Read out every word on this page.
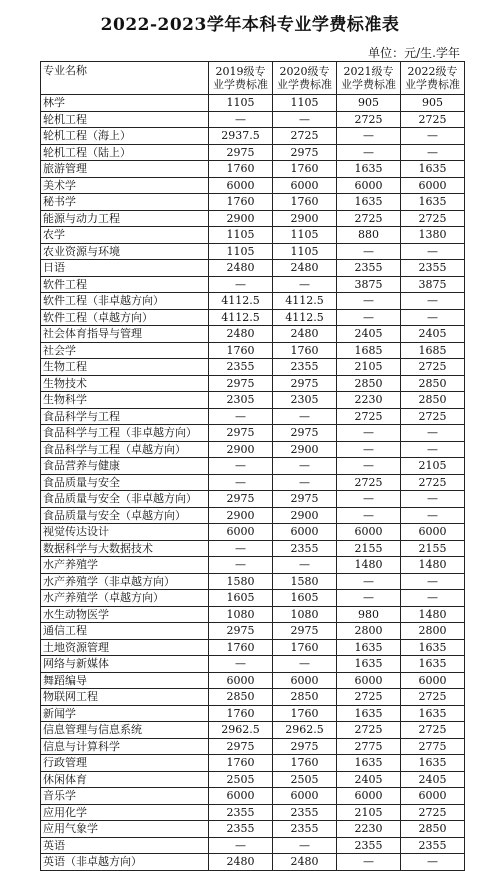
2022-2023学年本科专业学费标准表
单位：元/生.学年
专业名称	2019级专业学费标准	2020级专业学费标准	2021级专业学费标准	2022级专业学费标准
林学	1105	1105	905	905
轮机工程	—	—	2725	2725
轮机工程（海上）	2937.5	2725	—	—
轮机工程（陆上）	2975	2975	—	—
旅游管理	1760	1760	1635	1635
美术学	6000	6000	6000	6000
秘书学	1760	1760	1635	1635
能源与动力工程	2900	2900	2725	2725
农学	1105	1105	880	1380
农业资源与环境	1105	1105	—	—
日语	2480	2480	2355	2355
软件工程	—	—	3875	3875
软件工程（非卓越方向）	4112.5	4112.5	—	—
软件工程（卓越方向）	4112.5	4112.5	—	—
社会体育指导与管理	2480	2480	2405	2405
社会学	1760	1760	1685	1685
生物工程	2355	2355	2105	2725
生物技术	2975	2975	2850	2850
生物科学	2305	2305	2230	2850
食品科学与工程	—	—	2725	2725
食品科学与工程（非卓越方向）	2975	2975	—	—
食品科学与工程（卓越方向）	2900	2900	—	—
食品营养与健康	—	—	—	2105
食品质量与安全	—	—	2725	2725
食品质量与安全（非卓越方向）	2975	2975	—	—
食品质量与安全（卓越方向）	2900	2900	—	—
视觉传达设计	6000	6000	6000	6000
数据科学与大数据技术	—	2355	2155	2155
水产养殖学	—	—	1480	1480
水产养殖学（非卓越方向）	1580	1580	—	—
水产养殖学（卓越方向）	1605	1605	—	—
水生动物医学	1080	1080	980	1480
通信工程	2975	2975	2800	2800
土地资源管理	1760	1760	1635	1635
网络与新媒体	—	—	1635	1635
舞蹈编导	6000	6000	6000	6000
物联网工程	2850	2850	2725	2725
新闻学	1760	1760	1635	1635
信息管理与信息系统	2962.5	2962.5	2725	2725
信息与计算科学	2975	2975	2775	2775
行政管理	1760	1760	1635	1635
休闲体育	2505	2505	2405	2405
音乐学	6000	6000	6000	6000
应用化学	2355	2355	2105	2725
应用气象学	2355	2355	2230	2850
英语	—	—	2355	2355
英语（非卓越方向）	2480	2480	—	—
